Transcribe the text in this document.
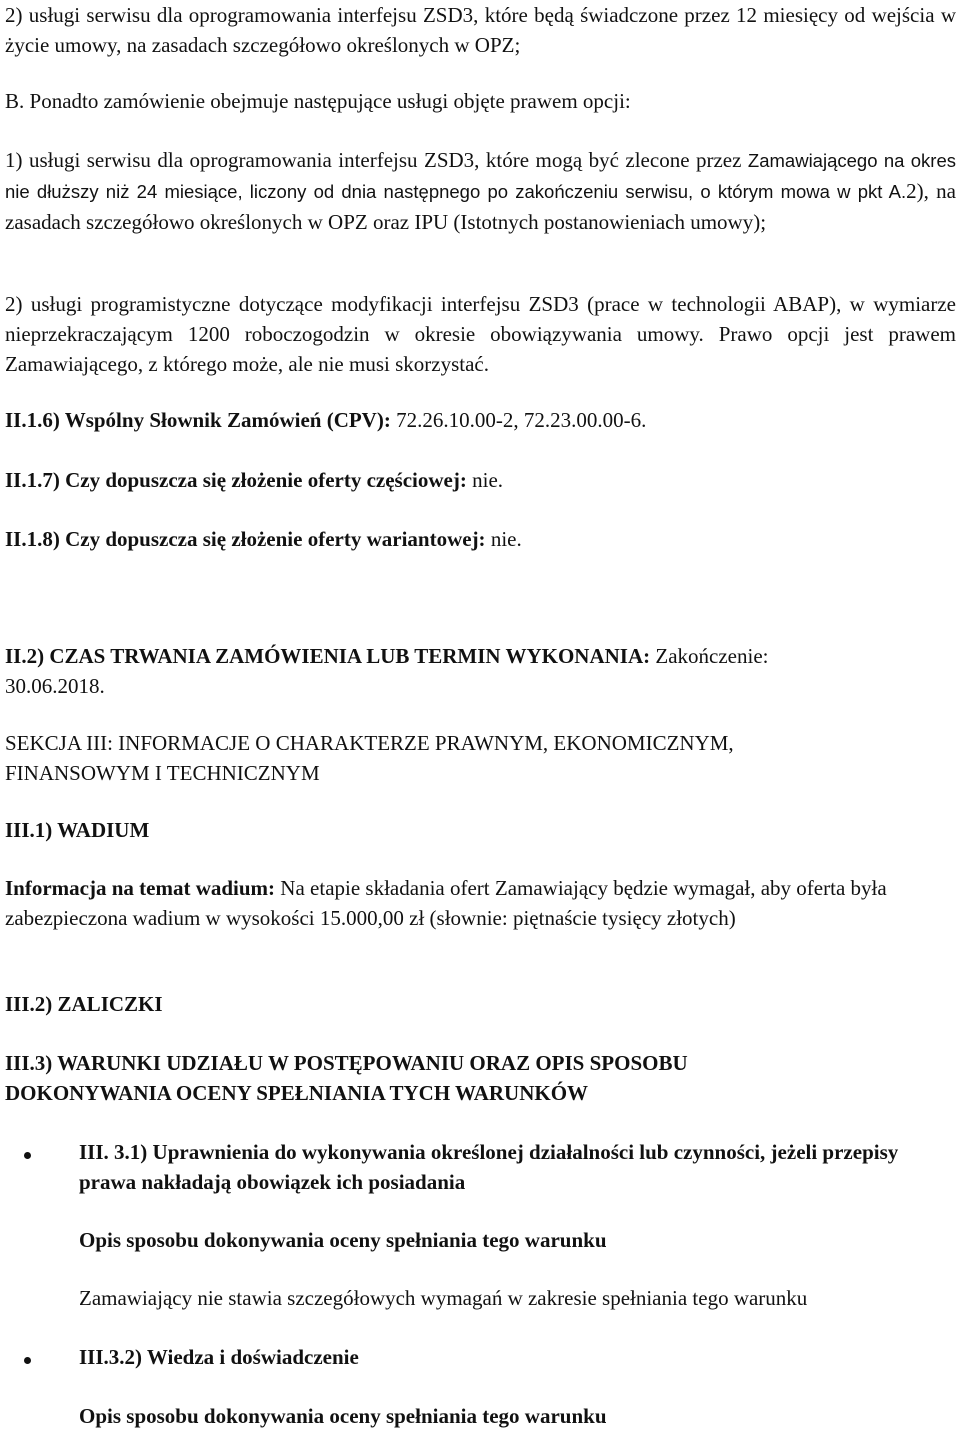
2) usługi serwisu dla oprogramowania interfejsu ZSD3, które będą świadczone przez 12 miesięcy od wejścia w życie umowy, na zasadach szczegółowo określonych w OPZ;

B. Ponadto zamówienie obejmuje następujące usługi objęte prawem opcji:

1) usługi serwisu dla oprogramowania interfejsu ZSD3, które mogą być zlecone przez Zamawiającego na okres nie dłuższy niż 24 miesiące, liczony od dnia następnego po zakończeniu serwisu, o którym mowa w pkt A.2), na zasadach szczegółowo określonych w OPZ oraz IPU (Istotnych postanowieniach umowy);

2) usługi programistyczne dotyczące modyfikacji interfejsu ZSD3 (prace w technologii ABAP), w wymiarze nieprzekraczającym 1200 roboczogodzin w okresie obowiązywania umowy. Prawo opcji jest prawem Zamawiającego, z którego może, ale nie musi skorzystać.

II.1.6) Wspólny Słownik Zamówień (CPV): 72.26.10.00-2, 72.23.00.00-6.

II.1.7) Czy dopuszcza się złożenie oferty częściowej: nie.

II.1.8) Czy dopuszcza się złożenie oferty wariantowej: nie.

II.2) CZAS TRWANIA ZAMÓWIENIA LUB TERMIN WYKONANIA: Zakończenie:
30.06.2018.

SEKCJA III: INFORMACJE O CHARAKTERZE PRAWNYM, EKONOMICZNYM,
FINANSOWYM I TECHNICZNYM

III.1) WADIUM

Informacja na temat wadium: Na etapie składania ofert Zamawiający będzie wymagał, aby oferta była zabezpieczona wadium w wysokości 15.000,00 zł (słownie: piętnaście tysięcy złotych)

III.2) ZALICZKI

III.3) WARUNKI UDZIAŁU W POSTĘPOWANIU ORAZ OPIS SPOSOBU
DOKONYWANIA OCENY SPEŁNIANIA TYCH WARUNKÓW

III. 3.1) Uprawnienia do wykonywania określonej działalności lub czynności, jeżeli przepisy prawa nakładają obowiązek ich posiadania

Opis sposobu dokonywania oceny spełniania tego warunku

Zamawiający nie stawia szczegółowych wymagań w zakresie spełniania tego warunku

III.3.2) Wiedza i doświadczenie

Opis sposobu dokonywania oceny spełniania tego warunku
